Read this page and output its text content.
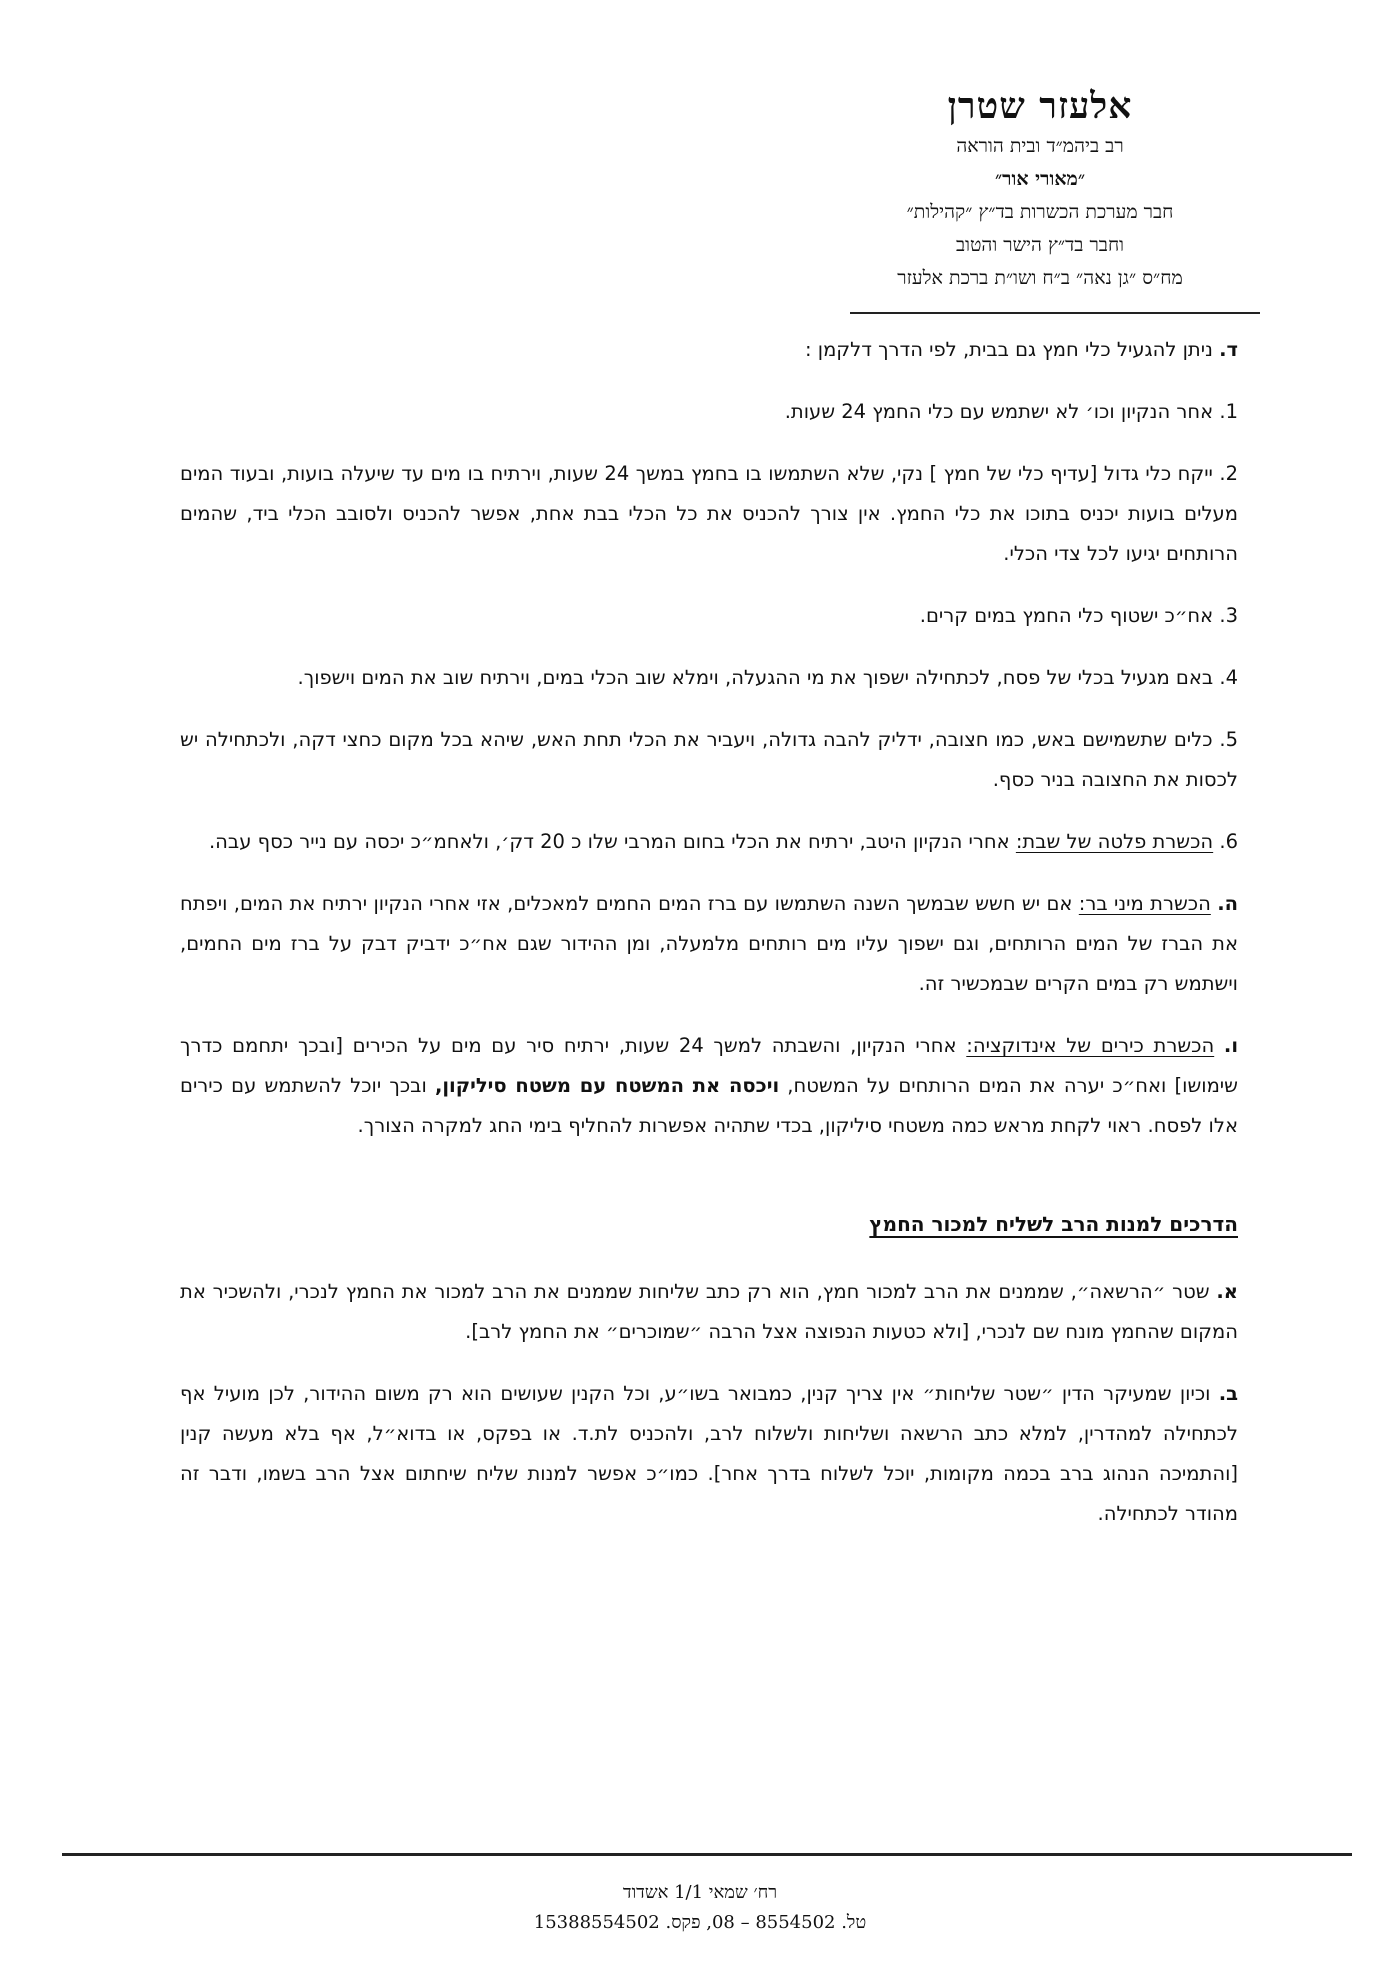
אלעזר שטרן
רב ביהמ״ד ובית הוראה
״מאורי אור״
חבר מערכת הכשרות בד״ץ ״קהילות״
וחבר בד״ץ הישר והטוב
מח״ס ״גן נאה״ ב״ח ושו״ת ברכת אלעזר

ד. ניתן להגעיל כלי חמץ גם בבית, לפי הדרך דלקמן :

1. אחר הנקיון וכו׳ לא ישתמש עם כלי החמץ 24 שעות.

2. ייקח כלי גדול [עדיף כלי של חמץ ] נקי, שלא השתמשו בו בחמץ במשך 24 שעות, וירתיח בו מים עד שיעלה בועות, ובעוד המים מעלים בועות יכניס בתוכו את כלי החמץ. אין צורך להכניס את כל הכלי בבת אחת, אפשר להכניס ולסובב הכלי ביד, שהמים הרותחים יגיעו לכל צדי הכלי.

3. אח״כ ישטוף כלי החמץ במים קרים.

4. באם מגעיל בכלי של פסח, לכתחילה ישפוך את מי ההגעלה, וימלא שוב הכלי במים, וירתיח שוב את המים וישפוך.

5. כלים שתשמישם באש, כמו חצובה, ידליק להבה גדולה, ויעביר את הכלי תחת האש, שיהא בכל מקום כחצי דקה, ולכתחילה יש לכסות את החצובה בניר כסף.

6. הכשרת פלטה של שבת: אחרי הנקיון היטב, ירתיח את הכלי בחום המרבי שלו כ 20 דק׳, ולאחמ״כ יכסה עם נייר כסף עבה.

ה. הכשרת מיני בר: אם יש חשש שבמשך השנה השתמשו עם ברז המים החמים למאכלים, אזי אחרי הנקיון ירתיח את המים, ויפתח את הברז של המים הרותחים, וגם ישפוך עליו מים רותחים מלמעלה, ומן ההידור שגם אח״כ ידביק דבק על ברז מים החמים, וישתמש רק במים הקרים שבמכשיר זה.

ו. הכשרת כירים של אינדוקציה: אחרי הנקיון, והשבתה למשך 24 שעות, ירתיח סיר עם מים על הכירים [ובכך יתחמם כדרך שימושו] ואח״כ יערה את המים הרותחים על המשטח, ויכסה את המשטח עם משטח סיליקון, ובכך יוכל להשתמש עם כירים אלו לפסח. ראוי לקחת מראש כמה משטחי סיליקון, בכדי שתהיה אפשרות להחליף בימי החג למקרה הצורך.

הדרכים למנות הרב לשליח למכור החמץ

א. שטר ״הרשאה״, שממנים את הרב למכור חמץ, הוא רק כתב שליחות שממנים את הרב למכור את החמץ לנכרי, ולהשכיר את המקום שהחמץ מונח שם לנכרי, [ולא כטעות הנפוצה אצל הרבה ״שמוכרים״ את החמץ לרב].

ב. וכיון שמעיקר הדין ״שטר שליחות״ אין צריך קנין, כמבואר בשו״ע, וכל הקנין שעושים הוא רק משום ההידור, לכן מועיל אף לכתחילה למהדרין, למלא כתב הרשאה ושליחות ולשלוח לרב, ולהכניס לת.ד. או בפקס, או בדוא״ל, אף בלא מעשה קנין [והתמיכה הנהוג ברב בכמה מקומות, יוכל לשלוח בדרך אחר]. כמו״כ אפשר למנות שליח שיחתום אצל הרב בשמו, ודבר זה מהודר לכתחילה.

רח׳ שמאי 1/1 אשדוד
טל. 8554502 – 08, פקס. 15388554502
